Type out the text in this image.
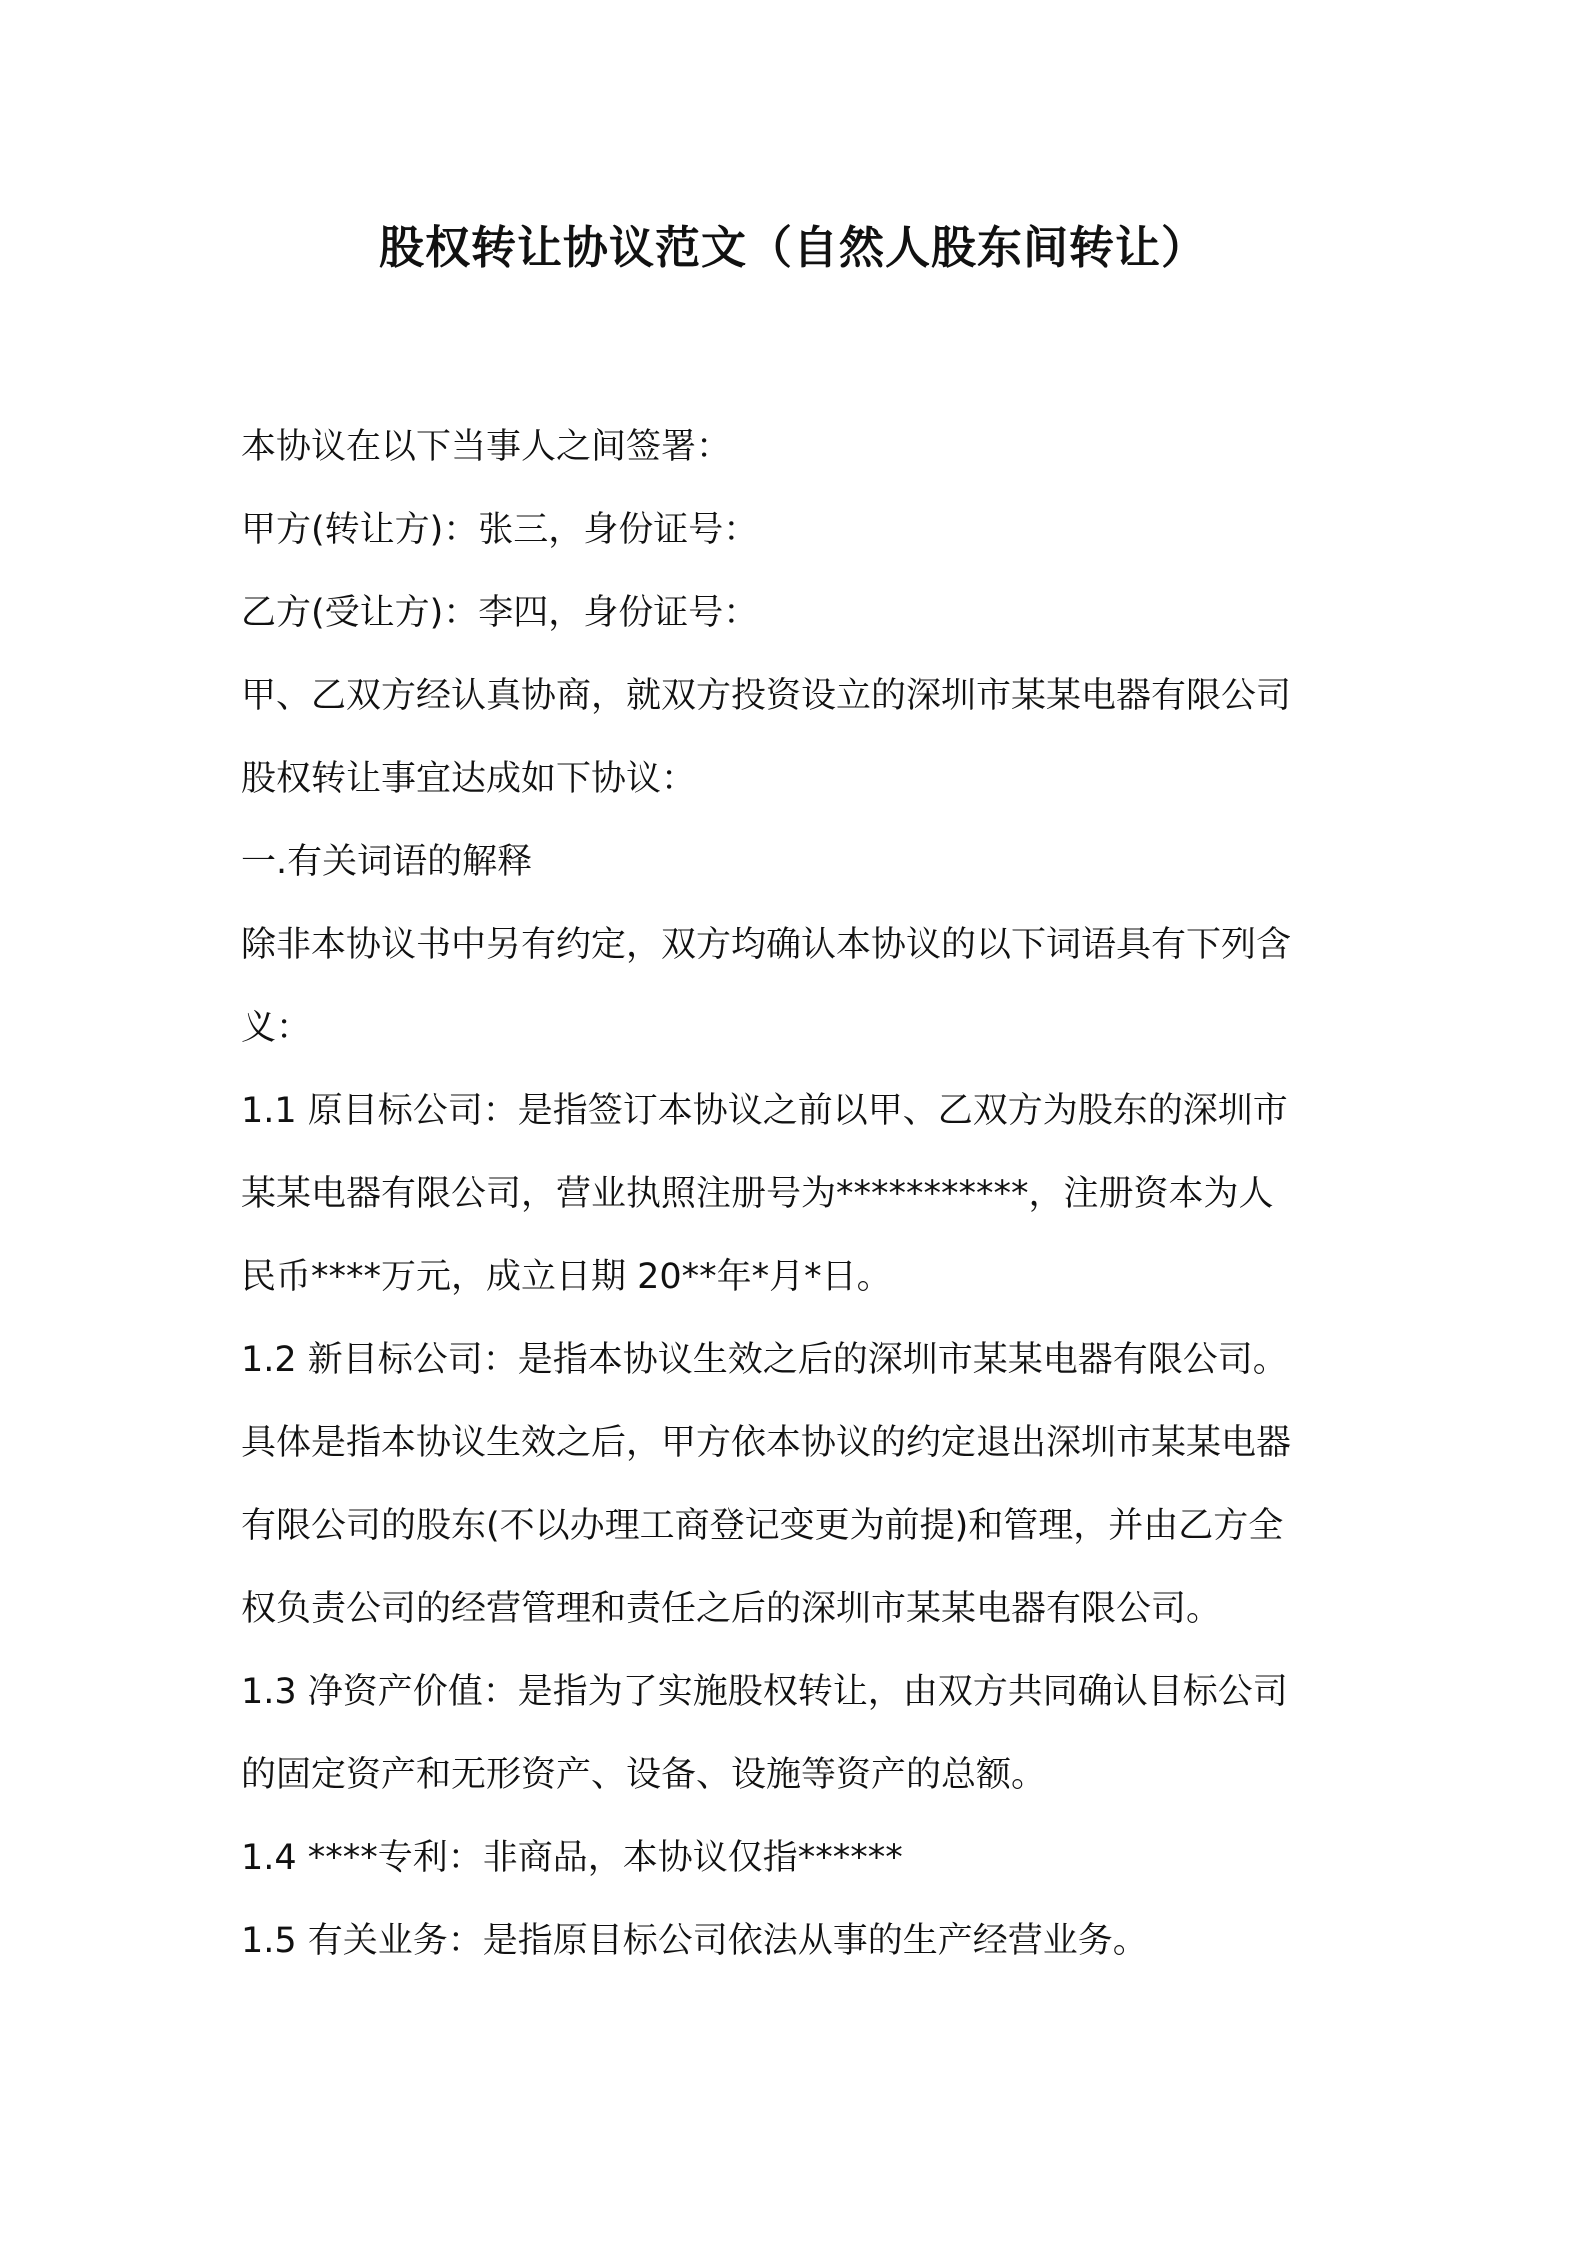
股权转让协议范文（自然人股东间转让）

本协议在以下当事人之间签署：

甲方(转让方)：张三，身份证号：

乙方(受让方)：李四，身份证号：

甲、乙双方经认真协商，就双方投资设立的深圳市某某电器有限公司

股权转让事宜达成如下协议：

一.有关词语的解释

除非本协议书中另有约定，双方均确认本协议的以下词语具有下列含

义：

1.1 原目标公司：是指签订本协议之前以甲、乙双方为股东的深圳市

某某电器有限公司，营业执照注册号为***********，注册资本为人

民币****万元，成立日期 20**年*月*日。

1.2 新目标公司：是指本协议生效之后的深圳市某某电器有限公司。

具体是指本协议生效之后，甲方依本协议的约定退出深圳市某某电器

有限公司的股东(不以办理工商登记变更为前提)和管理，并由乙方全

权负责公司的经营管理和责任之后的深圳市某某电器有限公司。

1.3 净资产价值：是指为了实施股权转让，由双方共同确认目标公司

的固定资产和无形资产、设备、设施等资产的总额。

1.4 ****专利：非商品，本协议仅指******

1.5 有关业务：是指原目标公司依法从事的生产经营业务。
